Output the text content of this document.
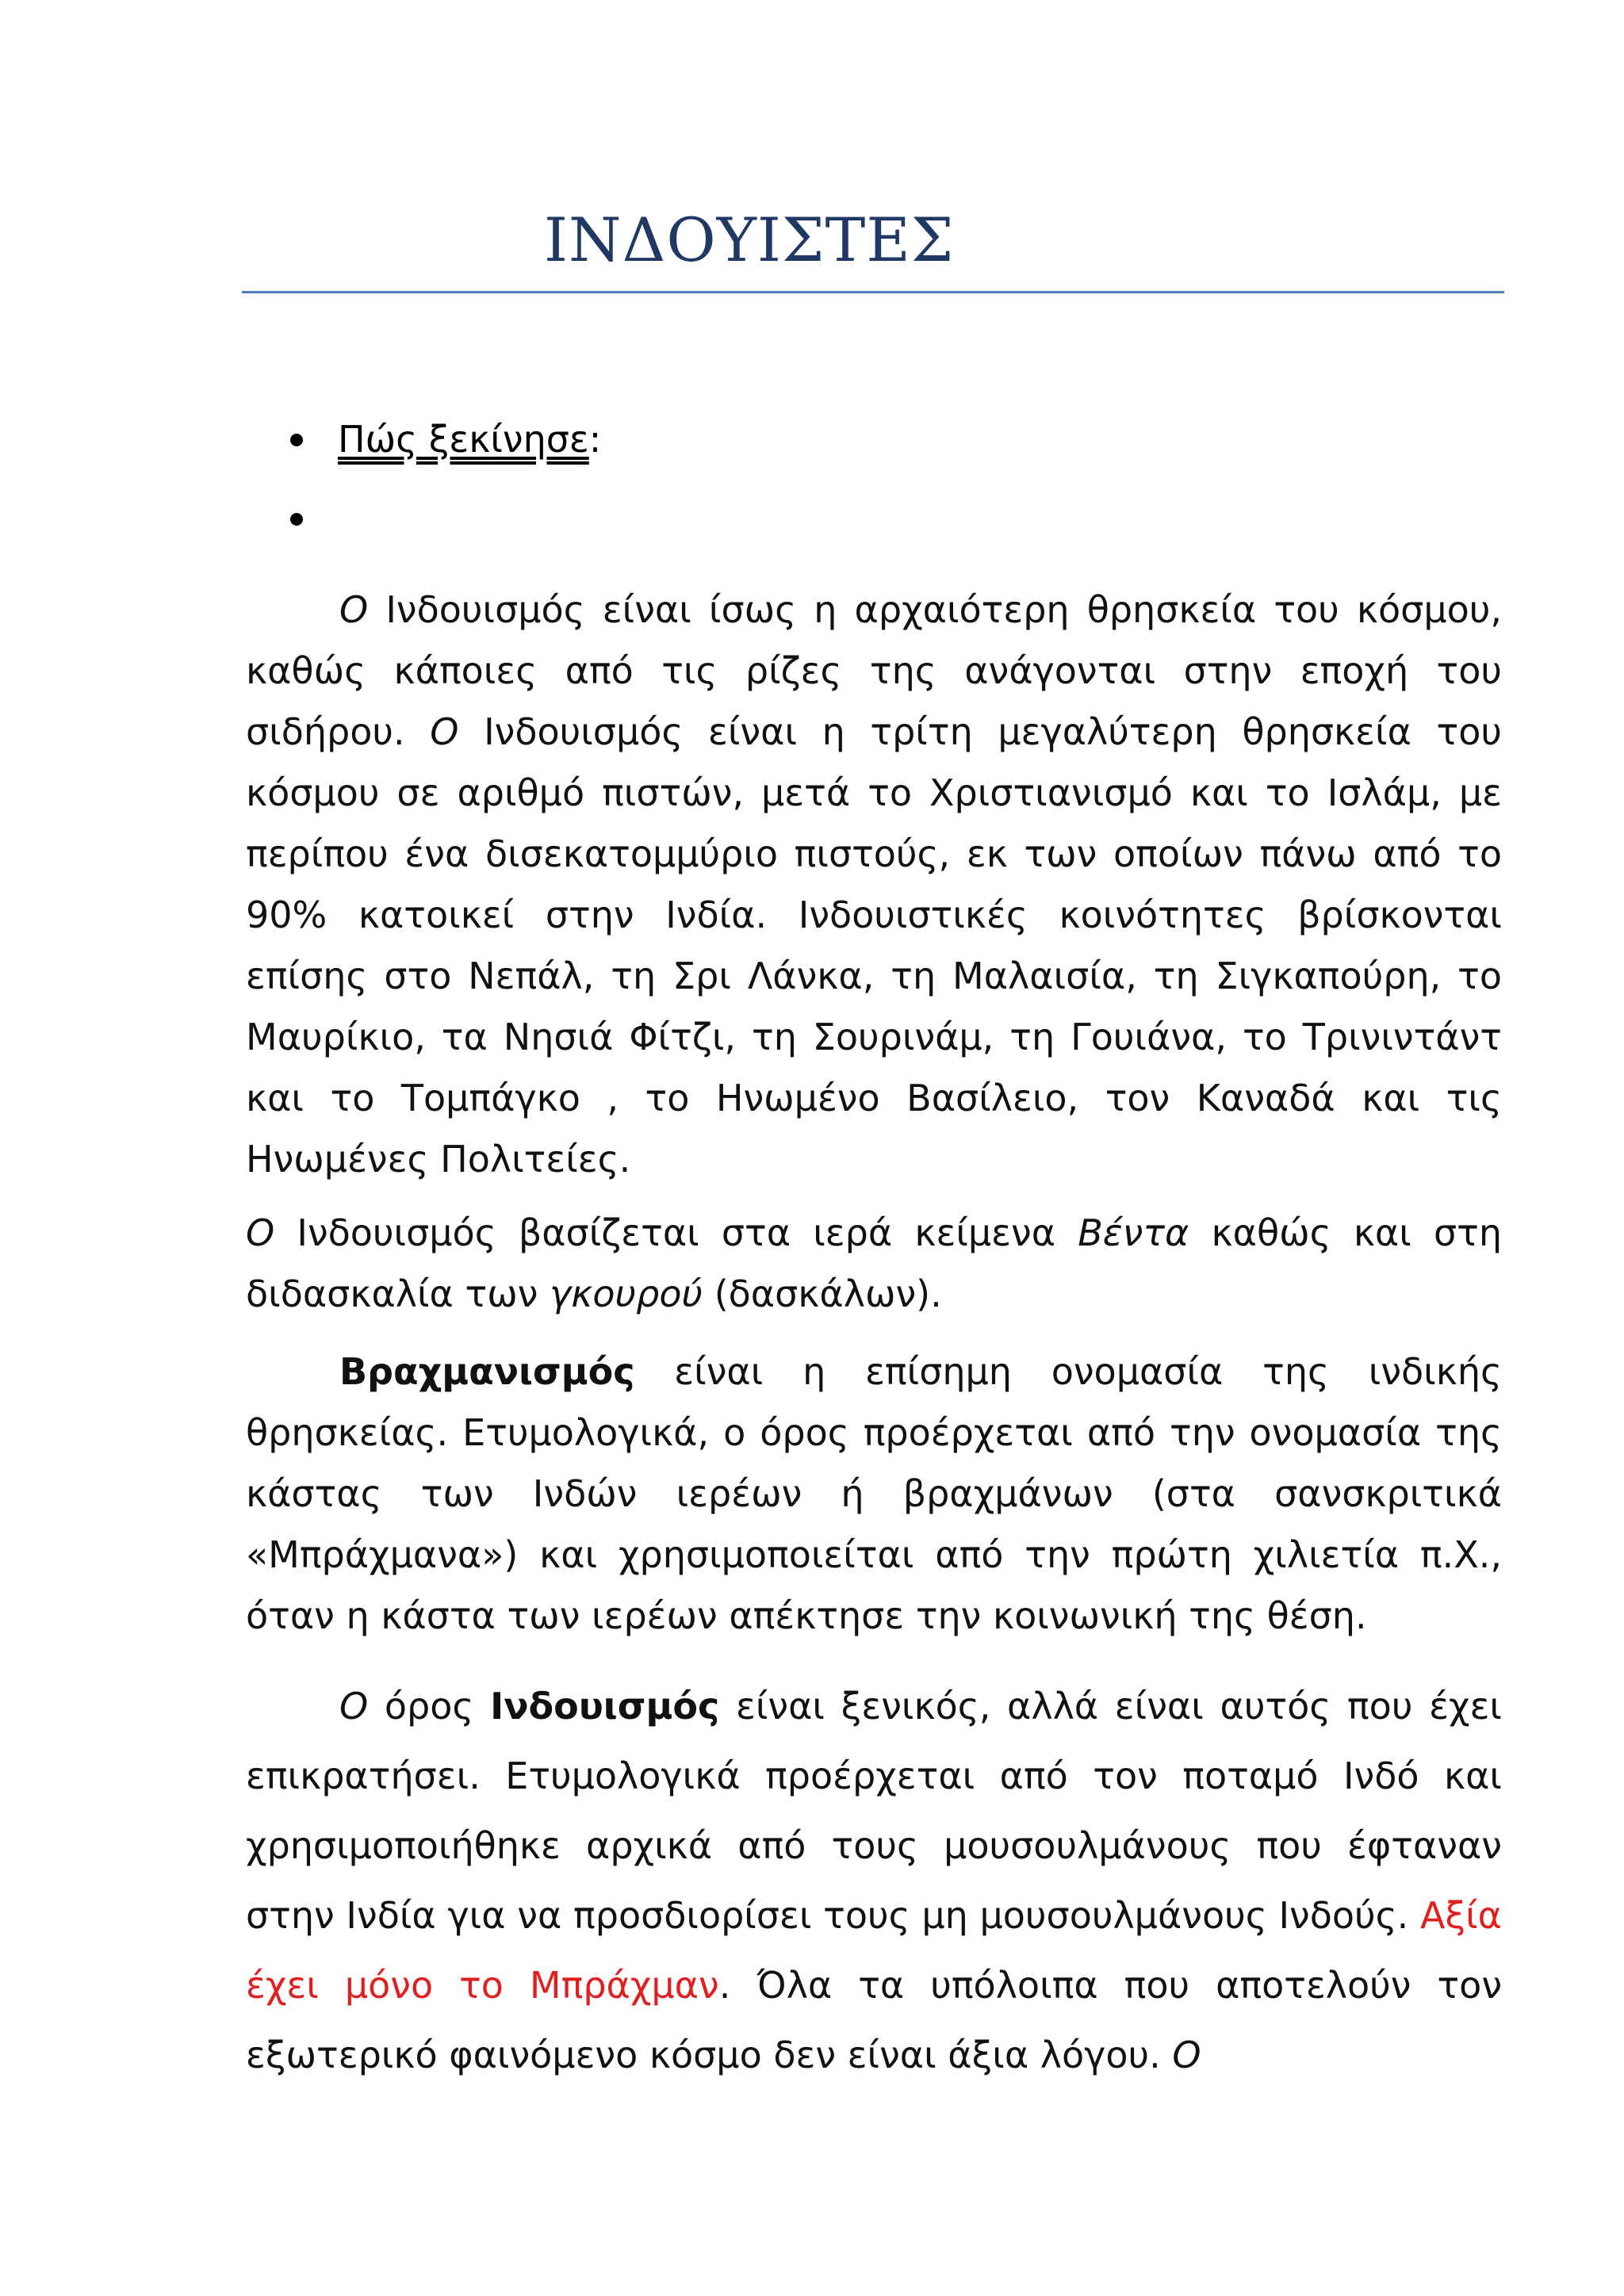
ΙΝΔΟΥΙΣΤΕΣ
Πώς ξεκίνησε:

Ο Ινδουισμός είναι ίσως η αρχαιότερη θρησκεία του κόσμου, καθώς κάποιες από τις ρίζες της ανάγονται στην εποχή του σιδήρου. Ο Ινδουισμός είναι η τρίτη μεγαλύτερη θρησκεία του κόσμου σε αριθμό πιστών, μετά το Χριστιανισμό και το Ισλάμ, με περίπου ένα δισεκατομμύριο πιστούς, εκ των οποίων πάνω από το 90% κατοικεί στην Ινδία. Ινδουιστικές κοινότητες βρίσκονται επίσης στο Νεπάλ, τη Σρι Λάνκα, τη Μαλαισία, τη Σιγκαπούρη, το Μαυρίκιο, τα Νησιά Φίτζι, τη Σουρινάμ, τη Γουιάνα, το Τρινιντάντ και το Τομπάγκο , το Ηνωμένο Βασίλειο, τον Καναδά και τις Ηνωμένες Πολιτείες.

Ο Ινδουισμός βασίζεται στα ιερά κείμενα Βέντα καθώς και στη διδασκαλία των γκουρού (δασκάλων).

Βραχμανισμός είναι η επίσημη ονομασία της ινδικής θρησκείας. Ετυμολογικά, ο όρος προέρχεται από την ονομασία της κάστας των Ινδών ιερέων ή βραχμάνων (στα σανσκριτικά «Μπράχμανα») και χρησιμοποιείται από την πρώτη χιλιετία π.Χ., όταν η κάστα των ιερέων απέκτησε την κοινωνική της θέση.

Ο όρος Ινδουισμός είναι ξενικός, αλλά είναι αυτός που έχει επικρατήσει. Ετυμολογικά προέρχεται από τον ποταμό Ινδό και χρησιμοποιήθηκε αρχικά από τους μουσουλμάνους που έφταναν στην Ινδία για να προσδιορίσει τους μη μουσουλμάνους Ινδούς. Αξία έχει μόνο το Μπράχμαν. Όλα τα υπόλοιπα που αποτελούν τον εξωτερικό φαινόμενο κόσμο δεν είναι άξια λόγου. Ο
